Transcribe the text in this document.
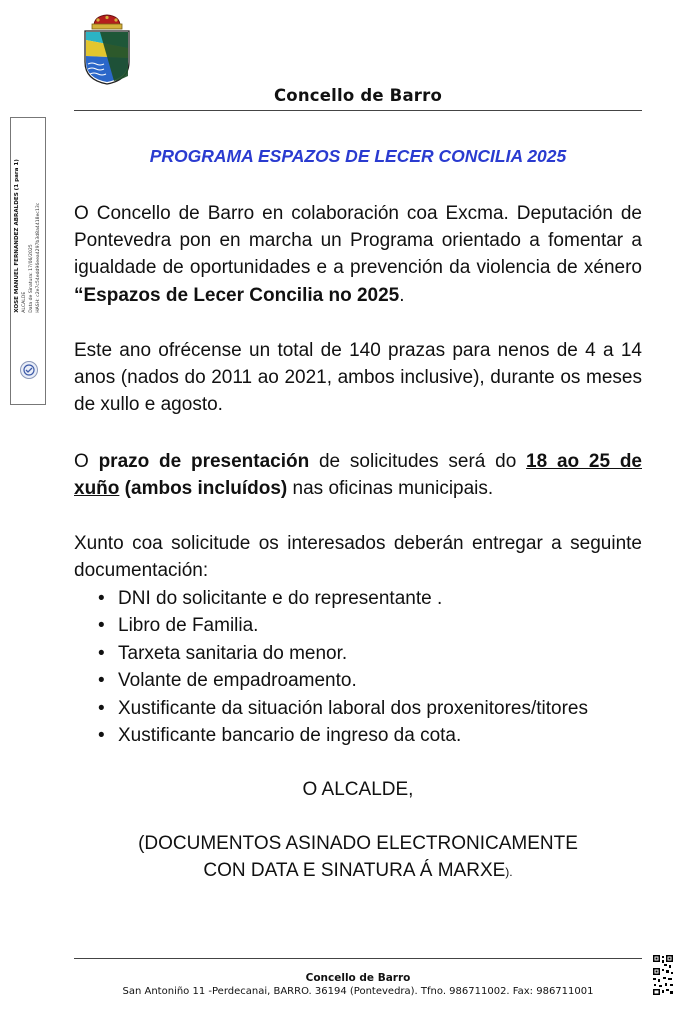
Concello de Barro
XOSE MANUEL FERNANDEZ ABRALDES (1 para 1) ALCALDE Data de Sinatura: 17/06/2025 HASH: c2e7c54edd96eea4297b3d8a4418ec13c
PROGRAMA ESPAZOS DE LECER CONCILIA 2025
O Concello de Barro en colaboración coa Excma. Deputación de Pontevedra pon en marcha un Programa orientado a fomentar a igualdade de oportunidades e a prevención da violencia de xénero “Espazos de Lecer Concilia no 2025.
Este ano ofrécense un total de 140 prazas para nenos de 4 a 14 anos (nados do 2011 ao 2021, ambos inclusive), durante os meses de xullo e agosto.
O prazo de presentación de solicitudes será do 18 ao 25 de xuño (ambos incluídos) nas oficinas municipais.
Xunto coa solicitude os interesados deberán entregar a seguinte documentación:
• DNI do solicitante e do representante .
• Libro de Familia.
• Tarxeta sanitaria do menor.
• Volante de empadroamento.
• Xustificante da situación laboral dos proxenitores/titores
• Xustificante bancario de ingreso da cota.
O ALCALDE,
(DOCUMENTOS ASINADO ELECTRONICAMENTE
CON DATA E SINATURA Á MARXE).
Concello de Barro
San Antoniño 11 -Perdecanai, BARRO. 36194 (Pontevedra). Tfno. 986711002. Fax: 986711001
